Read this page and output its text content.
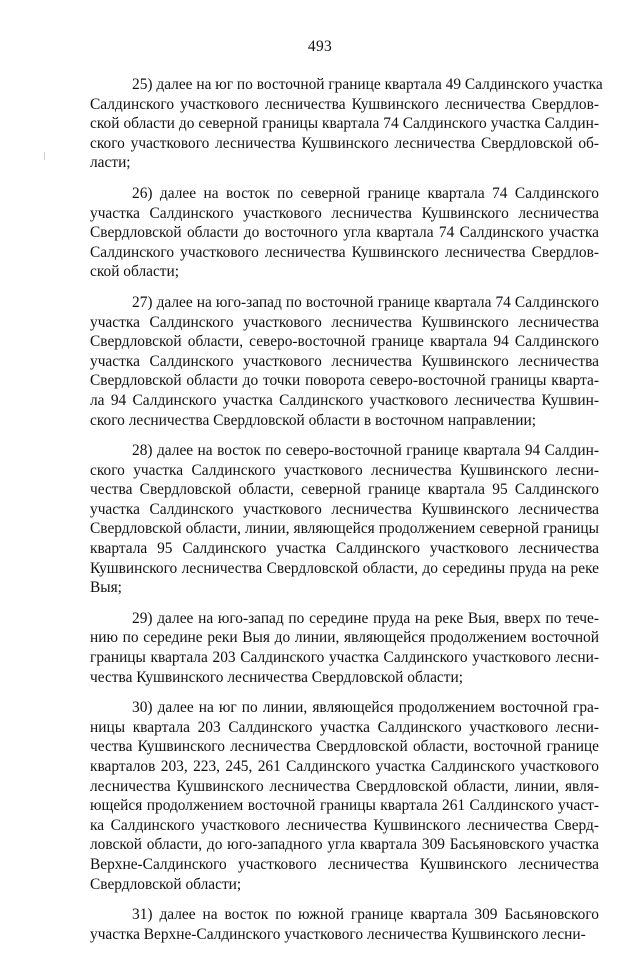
493

25) далее на юг по восточной границе квартала 49 Салдинского участка
Салдинского участкового лесничества Кушвинского лесничества Свердлов-
ской области до северной границы квартала 74 Салдинского участка Салдин-
ского участкового лесничества Кушвинского лесничества Свердловской об-
ласти;

26) далее на восток по северной границе квартала 74 Салдинского
участка Салдинского участкового лесничества Кушвинского лесничества
Свердловской области до восточного угла квартала 74 Салдинского участка
Салдинского участкового лесничества Кушвинского лесничества Свердлов-
ской области;

27) далее на юго-запад по восточной границе квартала 74 Салдинского
участка Салдинского участкового лесничества Кушвинского лесничества
Свердловской области, северо-восточной границе квартала 94 Салдинского
участка Салдинского участкового лесничества Кушвинского лесничества
Свердловской области до точки поворота северо-восточной границы кварта-
ла 94 Салдинского участка Салдинского участкового лесничества Кушвин-
ского лесничества Свердловской области в восточном направлении;

28) далее на восток по северо-восточной границе квартала 94 Салдин-
ского участка Салдинского участкового лесничества Кушвинского лесни-
чества Свердловской области, северной границе квартала 95 Салдинского
участка Салдинского участкового лесничества Кушвинского лесничества
Свердловской области, линии, являющейся продолжением северной границы
квартала 95 Салдинского участка Салдинского участкового лесничества
Кушвинского лесничества Свердловской области, до середины пруда на реке
Выя;

29) далее на юго-запад по середине пруда на реке Выя, вверх по тече-
нию по середине реки Выя до линии, являющейся продолжением восточной
границы квартала 203 Салдинского участка Салдинского участкового лесни-
чества Кушвинского лесничества Свердловской области;

30) далее на юг по линии, являющейся продолжением восточной гра-
ницы квартала 203 Салдинского участка Салдинского участкового лесни-
чества Кушвинского лесничества Свердловской области, восточной границе
кварталов 203, 223, 245, 261 Салдинского участка Салдинского участкового
лесничества Кушвинского лесничества Свердловской области, линии, явля-
ющейся продолжением восточной границы квартала 261 Салдинского участ-
ка Салдинского участкового лесничества Кушвинского лесничества Сверд-
ловской области, до юго-западного угла квартала 309 Басьяновского участка
Верхне-Салдинского участкового лесничества Кушвинского лесничества
Свердловской области;

31) далее на восток по южной границе квартала 309 Басьяновского
участка Верхне-Салдинского участкового лесничества Кушвинского лесни-
